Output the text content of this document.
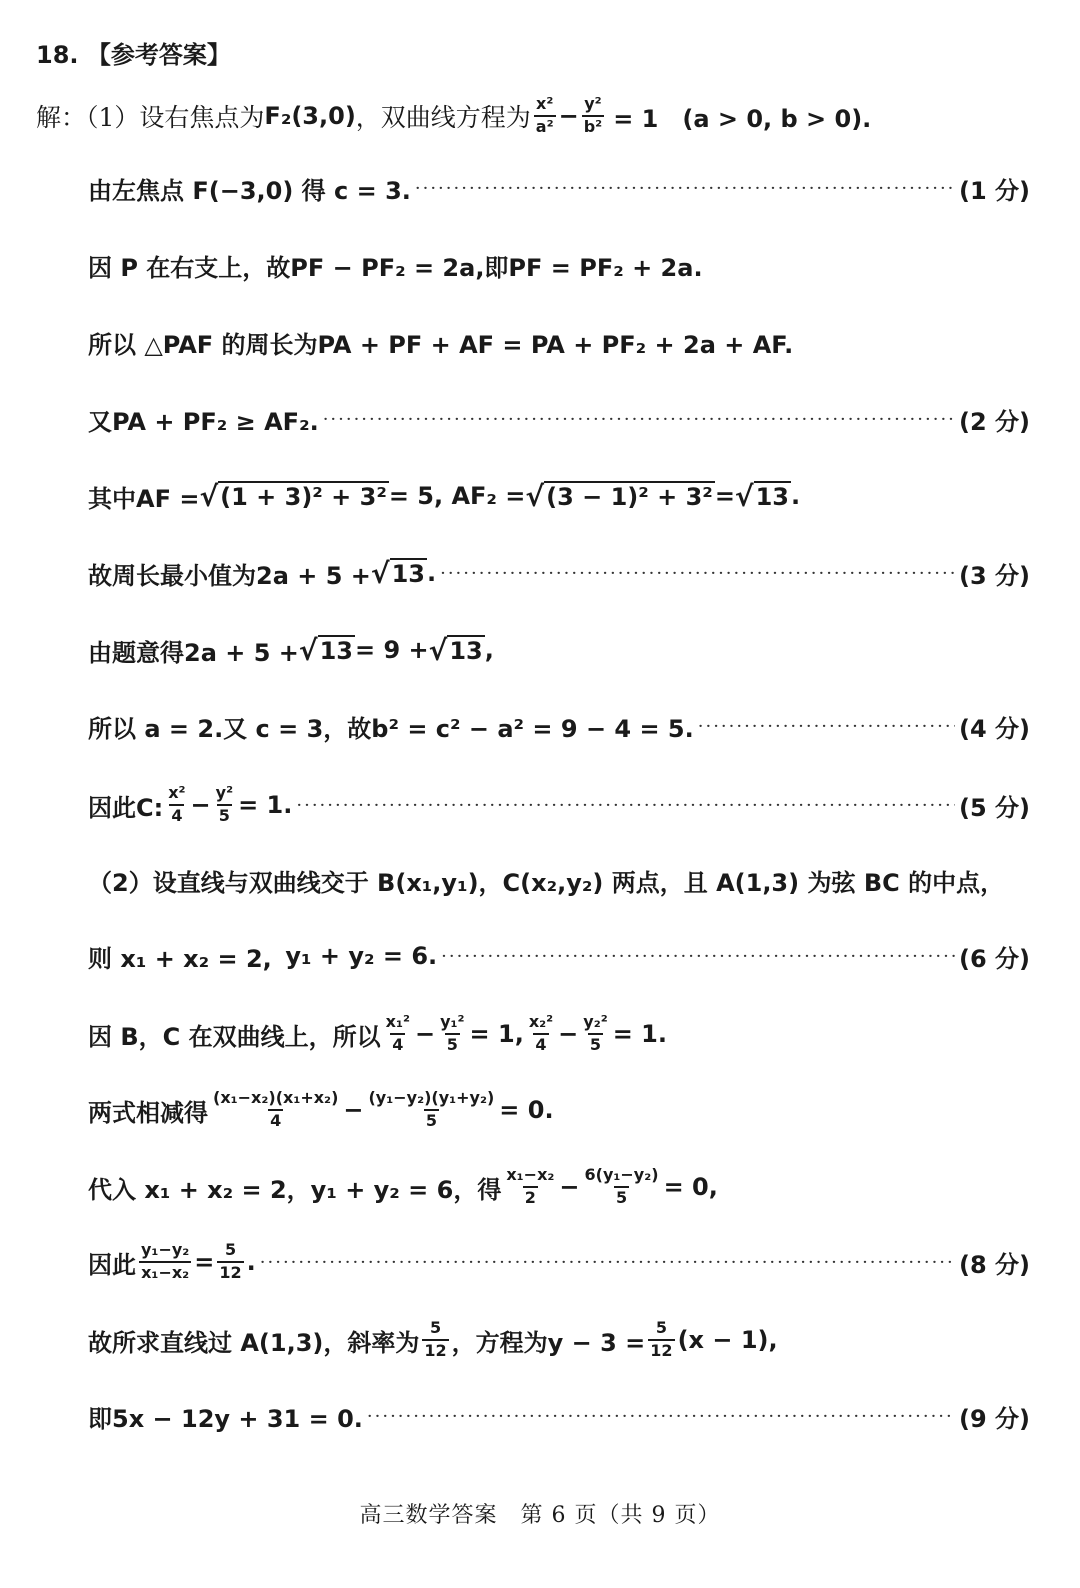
18. 【参考答案】
解：（1）设右焦点为 F₂(3,0) ，双曲线方程为 $\frac{\text{x²}}{\text{a²}} - \frac{\text{y²}}{\text{b²}} = 1$　(a > 0, b > 0).
由左焦点 F(−3,0) 得 c = 3. ·····	(1 分)
因 P 在右支上，故PF − PF₂ = 2a,即PF = PF₂ + 2a.
所以 △PAF 的周长为PA + PF + AF = PA + PF₂ + 2a + AF.
又PA + PF₂ ≥ AF₂. ·····	(2 分)
其中AF = √ (1 + 3)² + 3² = 5, AF₂ = √ (3 − 1)² + 3² = √ 13 .
故周长最小值为2a + 5 + √ 13 . ·····	(3 分)
由题意得2a + 5 + √ 13 = 9 + √ 13 ,
所以 a = 2.又 c = 3，故b² = c² − a² = 9 − 4 = 5. ·····	(4 分)
因此C: $\frac{\text{x²}}{4} - \frac{\text{y²}}{5} = 1$. ·····	(5 分)
（2）设直线与双曲线交于 B(x₁,y₁)，C(x₂,y₂) 两点，且 A(1,3) 为弦 BC 的中点，
则 x₁ + x₂ = 2, y₁ + y₂ = 6. ·····	(6 分)
因 B，C 在双曲线上，所以 $\frac{\text{x₁²}}{4} - \frac{\text{y₁²}}{5} = 1$, $\frac{\text{x₂²}}{4} - \frac{\text{y₂²}}{5} = 1$.
两式相减得 $\frac{\text{(x₁−x₂)(x₁+x₂)}}{4} - \frac{\text{(y₁−y₂)(y₁+y₂)}}{5} = 0$.
代入 x₁ + x₂ = 2，y₁ + y₂ = 6，得 $\frac{\text{x₁−x₂}}{2} - \frac{\text{6(y₁−y₂)}}{5} = 0$,
因此 $\frac{\text{y₁−y₂}}{\text{x₁−x₂}} = \frac{5}{12}$ . ·····	(8 分)
故所求直线过 A(1,3)，斜率为 $\frac{5}{12}$ ，方程为$y - 3 = \frac{5}{12} (x - 1)$,
即5x − 12y + 31 = 0. ·····	(9 分)
高三数学答案　第 6 页（共 9 页）
